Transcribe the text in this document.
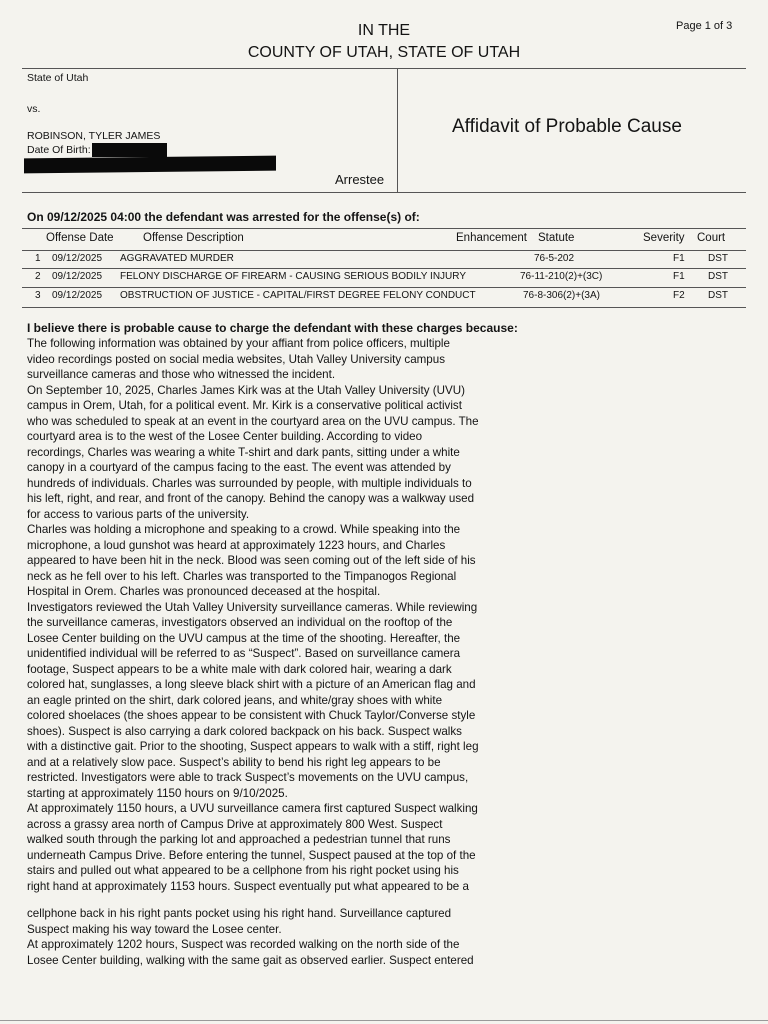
IN THE
COUNTY OF UTAH, STATE OF UTAH
Page 1 of 3
State of Utah
vs.
ROBINSON, TYLER JAMES
Date Of Birth:
Arrestee
Affidavit of Probable Cause
On 09/12/2025 04:00 the defendant was arrested for the offense(s) of:
Offense Date	Offense Description	Enhancement Statute	Severity Court
1 09/12/2025 AGGRAVATED MURDER	76-5-202	F1 DST
2 09/12/2025 FELONY DISCHARGE OF FIREARM - CAUSING SERIOUS BODILY INJURY	76-11-210(2)+(3C)	F1 DST
3 09/12/2025 OBSTRUCTION OF JUSTICE - CAPITAL/FIRST DEGREE FELONY CONDUCT	76-8-306(2)+(3A)	F2 DST
I believe there is probable cause to charge the defendant with these charges because:

The following information was obtained by your affiant from police officers, multiple

video recordings posted on social media websites, Utah Valley University campus

surveillance cameras and those who witnessed the incident.

On September 10, 2025, Charles James Kirk was at the Utah Valley University (UVU)

campus in Orem, Utah, for a political event. Mr. Kirk is a conservative political activist

who was scheduled to speak at an event in the courtyard area on the UVU campus. The

courtyard area is to the west of the Losee Center building. According to video

recordings, Charles was wearing a white T-shirt and dark pants, sitting under a white

canopy in a courtyard of the campus facing to the east. The event was attended by

hundreds of individuals. Charles was surrounded by people, with multiple individuals to

his left, right, and rear, and front of the canopy. Behind the canopy was a walkway used

for access to various parts of the university.

Charles was holding a microphone and speaking to a crowd. While speaking into the

microphone, a loud gunshot was heard at approximately 1223 hours, and Charles

appeared to have been hit in the neck. Blood was seen coming out of the left side of his

neck as he fell over to his left. Charles was transported to the Timpanogos Regional

Hospital in Orem. Charles was pronounced deceased at the hospital.

Investigators reviewed the Utah Valley University surveillance cameras. While reviewing

the surveillance cameras, investigators observed an individual on the rooftop of the

Losee Center building on the UVU campus at the time of the shooting. Hereafter, the

unidentified individual will be referred to as “Suspect”. Based on surveillance camera

footage, Suspect appears to be a white male with dark colored hair, wearing a dark

colored hat, sunglasses, a long sleeve black shirt with a picture of an American flag and

an eagle printed on the shirt, dark colored jeans, and white/gray shoes with white

colored shoelaces (the shoes appear to be consistent with Chuck Taylor/Converse style

shoes). Suspect is also carrying a dark colored backpack on his back. Suspect walks

with a distinctive gait. Prior to the shooting, Suspect appears to walk with a stiff, right leg

and at a relatively slow pace. Suspect’s ability to bend his right leg appears to be

restricted. Investigators were able to track Suspect’s movements on the UVU campus,

starting at approximately 1150 hours on 9/10/2025.

At approximately 1150 hours, a UVU surveillance camera first captured Suspect walking

across a grassy area north of Campus Drive at approximately 800 West. Suspect

walked south through the parking lot and approached a pedestrian tunnel that runs

underneath Campus Drive. Before entering the tunnel, Suspect paused at the top of the

stairs and pulled out what appeared to be a cellphone from his right pocket using his

right hand at approximately 1153 hours. Suspect eventually put what appeared to be a

cellphone back in his right pants pocket using his right hand. Surveillance captured

Suspect making his way toward the Losee center.

At approximately 1202 hours, Suspect was recorded walking on the north side of the

Losee Center building, walking with the same gait as observed earlier. Suspect entered
